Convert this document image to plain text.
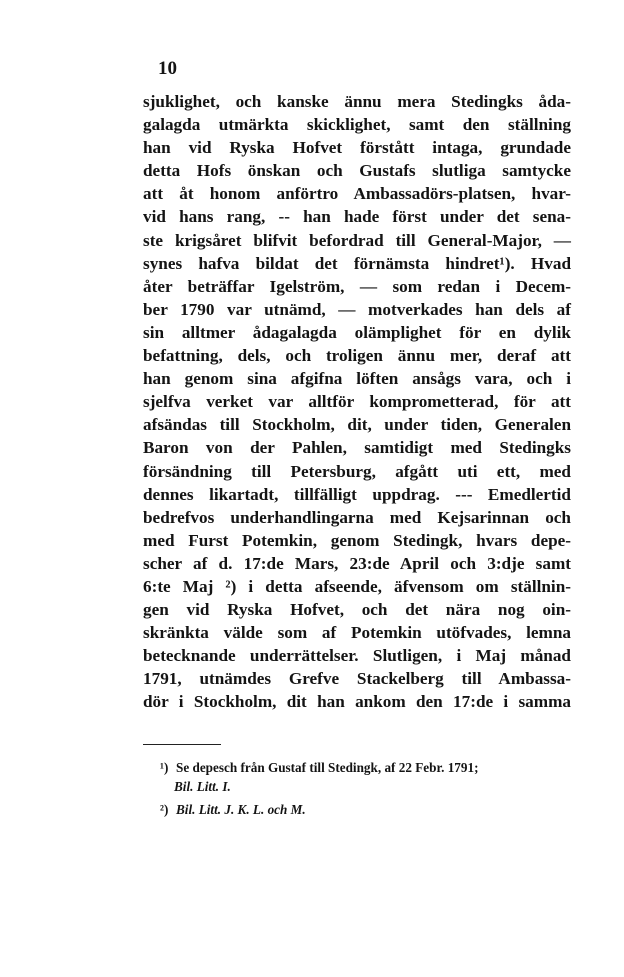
10
sjuklighet, och kanske ännu mera Stedingks åda-
galagda utmärkta skicklighet, samt den ställning
han vid Ryska Hofvet förstått intaga, grundade
detta Hofs önskan och Gustafs slutliga samtycke
att åt honom anförtro Ambassadörs-platsen, hvar-
vid hans rang, -- han hade först under det sena-
ste krigsåret blifvit befordrad till General-Major, —
synes hafva bildat det förnämsta hindret¹). Hvad
åter beträffar Igelström, — som redan i Decem-
ber 1790 var utnämd, — motverkades han dels af
sin alltmer ådagalagda olämplighet för en dylik
befattning, dels, och troligen ännu mer, deraf att
han genom sina afgifna löften ansågs vara, och i
sjelfva verket var alltför komprometterad, för att
afsändas till Stockholm, dit, under tiden, Generalen
Baron von der Pahlen, samtidigt med Stedingks
försändning till Petersburg, afgått uti ett, med
dennes likartadt, tillfälligt uppdrag. --- Emedlertid
bedrefvos underhandlingarna med Kejsarinnan och
med Furst Potemkin, genom Stedingk, hvars depe-
scher af d. 17:de Mars, 23:de April och 3:dje samt
6:te Maj ²) i detta afseende, äfvensom om ställnin-
gen vid Ryska Hofvet, och det nära nog oin-
skränkta välde som af Potemkin utöfvades, lemna
betecknande underrättelser. Slutligen, i Maj månad
1791, utnämdes Grefve Stackelberg till Ambassa-
dör i Stockholm, dit han ankom den 17:de i samma
¹) Se depesch från Gustaf till Stedingk, af 22 Febr. 1791;
Bil. Litt. I.
²) Bil. Litt. J. K. L. och M.
